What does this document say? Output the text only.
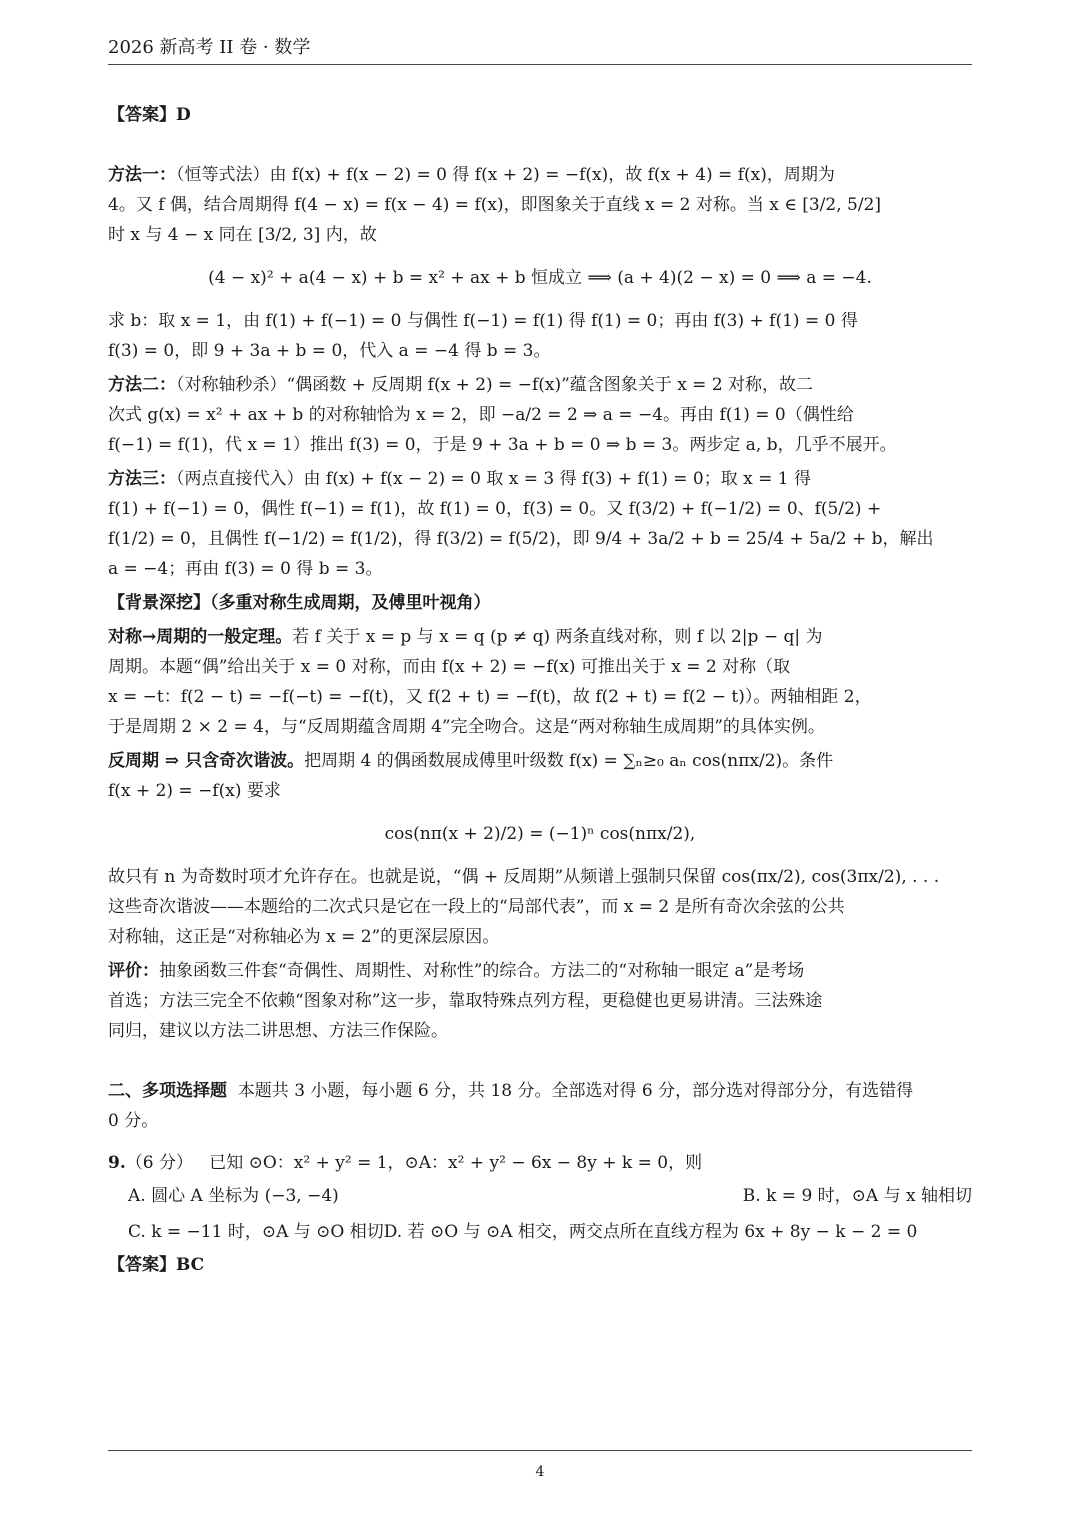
2026 新高考 II 卷 · 数学

【答案】D

方法一：（恒等式法）由 f(x) + f(x − 2) = 0 得 f(x + 2) = −f(x)，故 f(x + 4) = f(x)，周期为

4。又 f 偶，结合周期得 f(4 − x) = f(x − 4) = f(x)，即图象关于直线 x = 2 对称。当 x ∈ [3/2, 5/2]

时 x 与 4 − x 同在 [3/2, 3] 内，故

(4 − x)² + a(4 − x) + b = x² + ax + b 恒成立 ⟹ (a + 4)(2 − x) = 0 ⟹ a = −4.

求 b：取 x = 1，由 f(1) + f(−1) = 0 与偶性 f(−1) = f(1) 得 f(1) = 0；再由 f(3) + f(1) = 0 得

f(3) = 0，即 9 + 3a + b = 0，代入 a = −4 得 b = 3。

方法二：（对称轴秒杀）“偶函数 + 反周期 f(x + 2) = −f(x)”蕴含图象关于 x = 2 对称，故二

次式 g(x) = x² + ax + b 的对称轴恰为 x = 2，即 −a/2 = 2 ⇒ a = −4。再由 f(1) = 0（偶性给

f(−1) = f(1)，代 x = 1）推出 f(3) = 0，于是 9 + 3a + b = 0 ⇒ b = 3。两步定 a, b，几乎不展开。

方法三：（两点直接代入）由 f(x) + f(x − 2) = 0 取 x = 3 得 f(3) + f(1) = 0；取 x = 1 得

f(1) + f(−1) = 0，偶性 f(−1) = f(1)，故 f(1) = 0，f(3) = 0。又 f(3/2) + f(−1/2) = 0、f(5/2) +

f(1/2) = 0，且偶性 f(−1/2) = f(1/2)，得 f(3/2) = f(5/2)，即 9/4 + 3a/2 + b = 25/4 + 5a/2 + b，解出

a = −4；再由 f(3) = 0 得 b = 3。

【背景深挖】（多重对称生成周期，及傅里叶视角）

对称→周期的一般定理。若 f 关于 x = p 与 x = q (p ≠ q) 两条直线对称，则 f 以 2|p − q| 为

周期。本题“偶”给出关于 x = 0 对称，而由 f(x + 2) = −f(x) 可推出关于 x = 2 对称（取

x = −t：f(2 − t) = −f(−t) = −f(t)，又 f(2 + t) = −f(t)，故 f(2 + t) = f(2 − t)）。两轴相距 2，

于是周期 2 × 2 = 4，与“反周期蕴含周期 4”完全吻合。这是“两对称轴生成周期”的具体实例。

反周期 ⇒ 只含奇次谐波。把周期 4 的偶函数展成傅里叶级数 f(x) = ∑ₙ≥₀ aₙ cos(nπx/2)。条件

f(x + 2) = −f(x) 要求

cos(nπ(x + 2)/2) = (−1)ⁿ cos(nπx/2),

故只有 n 为奇数时项才允许存在。也就是说，“偶 + 反周期”从频谱上强制只保留 cos(πx/2), cos(3πx/2), . . .

这些奇次谐波——本题给的二次式只是它在一段上的“局部代表”，而 x = 2 是所有奇次余弦的公共

对称轴，这正是“对称轴必为 x = 2”的更深层原因。

评价：抽象函数三件套“奇偶性、周期性、对称性”的综合。方法二的“对称轴一眼定 a”是考场

首选；方法三完全不依赖“图象对称”这一步，靠取特殊点列方程，更稳健也更易讲清。三法殊途

同归，建议以方法二讲思想、方法三作保险。

二、多项选择题 本题共 3 小题，每小题 6 分，共 18 分。全部选对得 6 分，部分选对得部分分，有选错得

0 分。

9.（6 分） 已知 ⊙O：x² + y² = 1，⊙A：x² + y² − 6x − 8y + k = 0，则

A. 圆心 A 坐标为 (−3, −4)	B. k = 9 时，⊙A 与 x 轴相切
C. k = −11 时，⊙A 与 ⊙O 相切D. 若 ⊙O 与 ⊙A 相交，两交点所在直线方程为 6x + 8y − k − 2 = 0

【答案】BC

4
